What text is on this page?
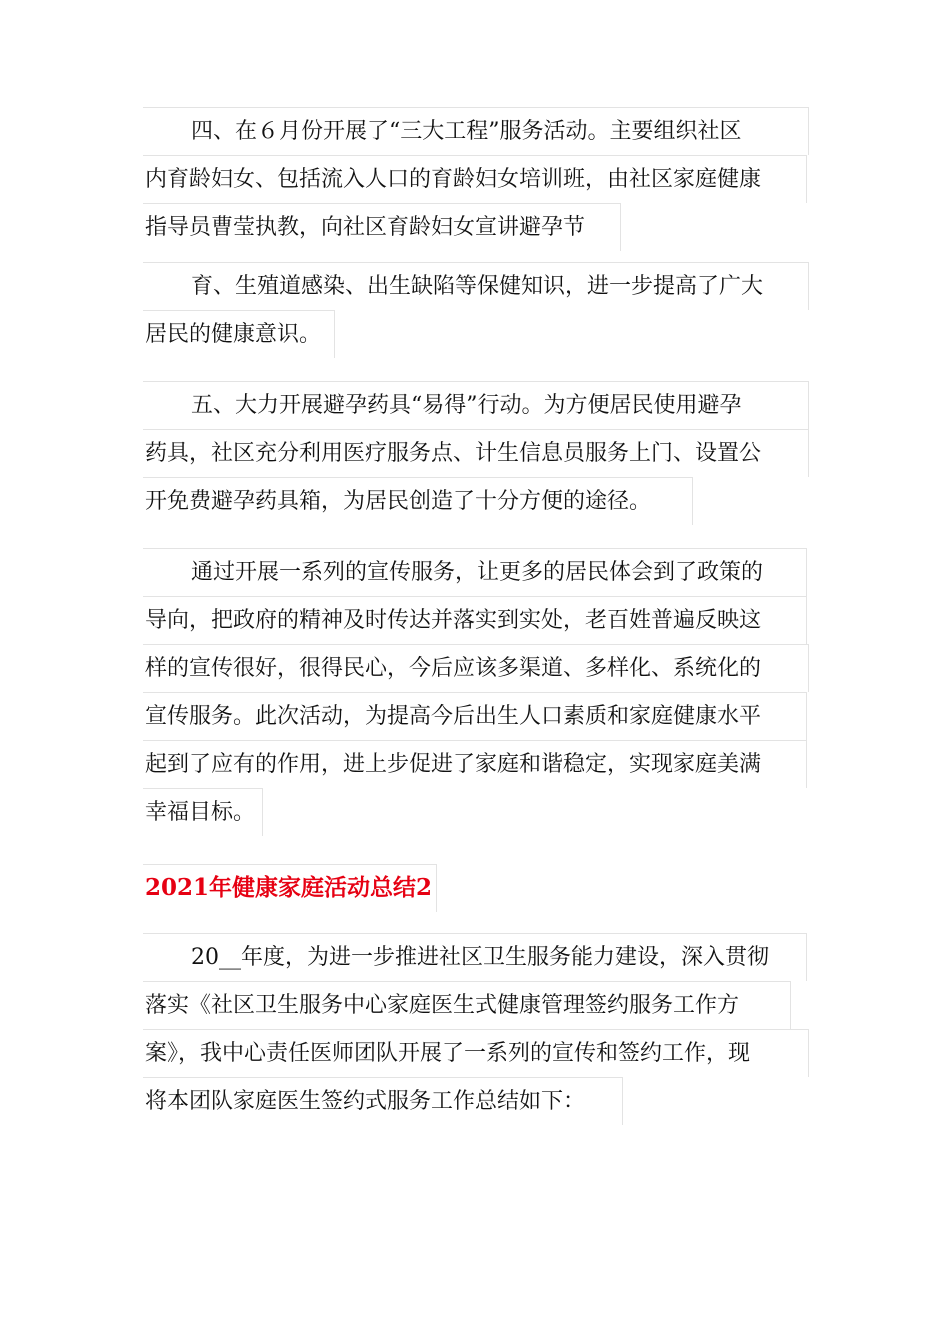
四、在６月份开展了“三大工程”服务活动。主要组织社区
内育龄妇女、包括流入人口的育龄妇女培训班，由社区家庭健康
指导员曹莹执教，向社区育龄妇女宣讲避孕节
育、生殖道感染、出生缺陷等保健知识，进一步提高了广大
居民的健康意识。
五、大力开展避孕药具“易得”行动。为方便居民使用避孕
药具，社区充分利用医疗服务点、计生信息员服务上门、设置公
开免费避孕药具箱，为居民创造了十分方便的途径。
通过开展一系列的宣传服务，让更多的居民体会到了政策的
导向，把政府的精神及时传达并落实到实处，老百姓普遍反映这
样的宣传很好，很得民心，今后应该多渠道、多样化、系统化的
宣传服务。此次活动，为提高今后出生人口素质和家庭健康水平
起到了应有的作用，进上步促进了家庭和谐稳定，实现家庭美满
幸福目标。
2021年健康家庭活动总结2
20__年度，为进一步推进社区卫生服务能力建设，深入贯彻
落实《社区卫生服务中心家庭医生式健康管理签约服务工作方
案》，我中心责任医师团队开展了一系列的宣传和签约工作，现
将本团队家庭医生签约式服务工作总结如下：
